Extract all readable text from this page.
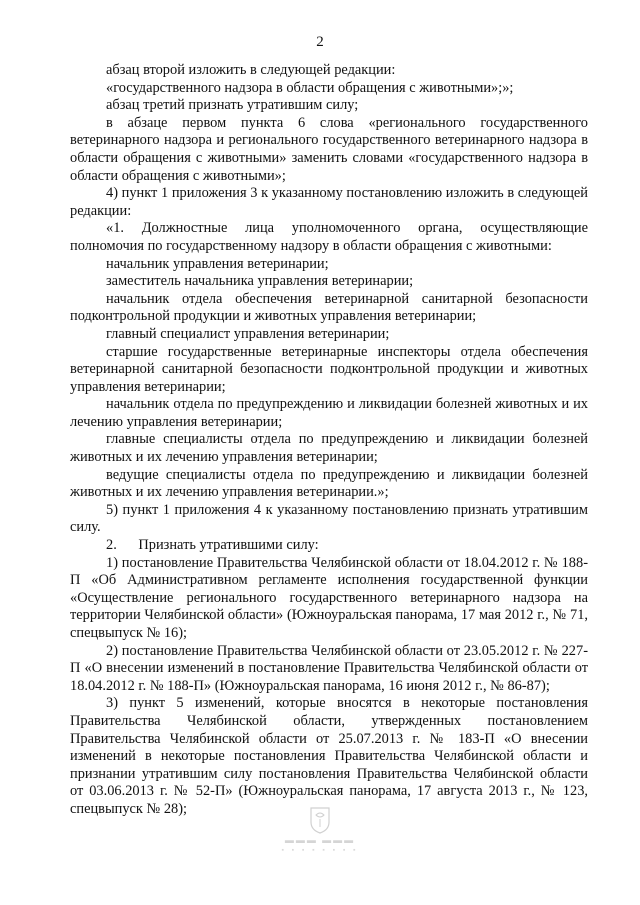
2

абзац второй изложить в следующей редакции:

«государственного надзора в области обращения с животными»;»;

абзац третий признать утратившим силу;

в абзаце первом пункта 6 слова «регионального государственного ветеринарного надзора и регионального государственного ветеринарного надзора в области обращения с животными» заменить словами «государственного надзора в области обращения с животными»;

4) пункт 1 приложения 3 к указанному постановлению изложить в следующей редакции:

«1. Должностные лица уполномоченного органа, осуществляющие полномочия по государственному надзору в области обращения с животными:

начальник управления ветеринарии;

заместитель начальника управления ветеринарии;

начальник отдела обеспечения ветеринарной санитарной безопасности подконтрольной продукции и животных управления ветеринарии;

главный специалист управления ветеринарии;

старшие государственные ветеринарные инспекторы отдела обеспечения ветеринарной санитарной безопасности подконтрольной продукции и животных управления ветеринарии;

начальник отдела по предупреждению и ликвидации болезней животных и их лечению управления ветеринарии;

главные специалисты отдела по предупреждению и ликвидации болезней животных и их лечению управления ветеринарии;

ведущие специалисты отдела по предупреждению и ликвидации болезней животных и их лечению управления ветеринарии.»;

5) пункт 1 приложения 4 к указанному постановлению признать утратившим силу.

2.      Признать утратившими силу:

1) постановление Правительства Челябинской области от 18.04.2012 г. № 188-П «Об Административном регламенте исполнения государственной функции «Осуществление регионального государственного ветеринарного надзора на территории Челябинской области» (Южноуральская панорама, 17 мая 2012 г., № 71, спецвыпуск № 16);

2) постановление Правительства Челябинской области от 23.05.2012 г. № 227-П «О внесении изменений в постановление Правительства Челябинской области от 18.04.2012 г. № 188-П» (Южноуральская панорама, 16 июня 2012 г., № 86-87);

3) пункт 5 изменений, которые вносятся в некоторые постановления Правительства Челябинской области, утвержденных постановлением Правительства Челябинской области от 25.07.2013 г. № 183-П «О внесении изменений в некоторые постановления Правительства Челябинской области и признании утратившим силу постановления Правительства Челябинской области от 03.06.2013 г. № 52-П» (Южноуральская панорама, 17 августа 2013 г., № 123, спецвыпуск № 28);

▬▬▬ ▬▬▬
▪ ▪ ▪ ▪ ▪ ▪ ▪ ▪
